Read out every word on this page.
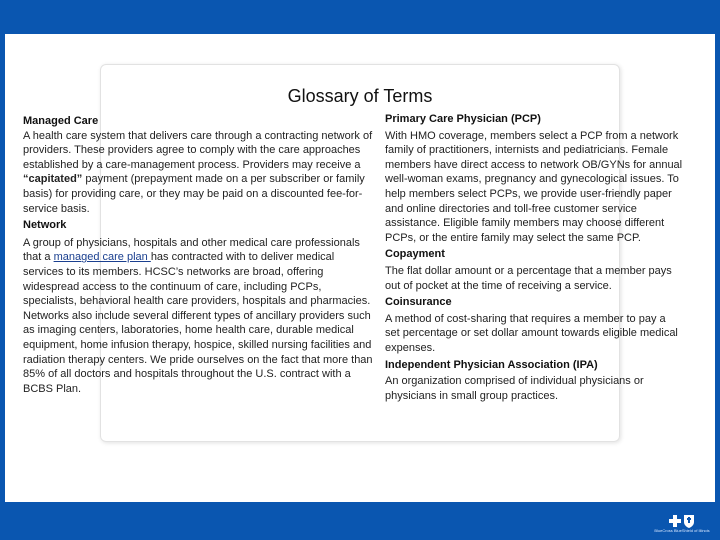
Glossary of Terms

Managed Care

A health care system that delivers care through a contracting network of providers. These providers agree to comply with the care approaches established by a care-management process. Providers may receive a “capitated” payment (prepayment made on a per subscriber or family basis) for providing care, or they may be paid on a discounted fee-for-service basis.

Network

A group of physicians, hospitals and other medical care professionals that a managed care plan has contracted with to deliver medical services to its members. HCSC’s networks are broad, offering widespread access to the continuum of care, including PCPs, specialists, behavioral health care providers, hospitals and pharmacies. Networks also include several different types of ancillary providers such as imaging centers, laboratories, home health care, durable medical equipment, home infusion therapy, hospice, skilled nursing facilities and radiation therapy centers. We pride ourselves on the fact that more than 85% of all doctors and hospitals throughout the U.S. contract with a BCBS Plan.

Primary Care Physician (PCP)

With HMO coverage, members select a PCP from a network family of practitioners, internists and pediatricians. Female members have direct access to network OB/GYNs for annual well-woman exams, pregnancy and gynecological issues. To help members select PCPs, we provide user-friendly paper and online directories and toll-free customer service assistance. Eligible family members may choose different PCPs, or the entire family may select the same PCP.

Copayment

The flat dollar amount or a percentage that a member pays out of pocket at the time of receiving a service.

Coinsurance

A method of cost-sharing that requires a member to pay a set percentage or set dollar amount towards eligible medical expenses.

Independent Physician Association (IPA)

An organization comprised of individual physicians or physicians in small group practices.

BlueCross BlueShield of Illinois
